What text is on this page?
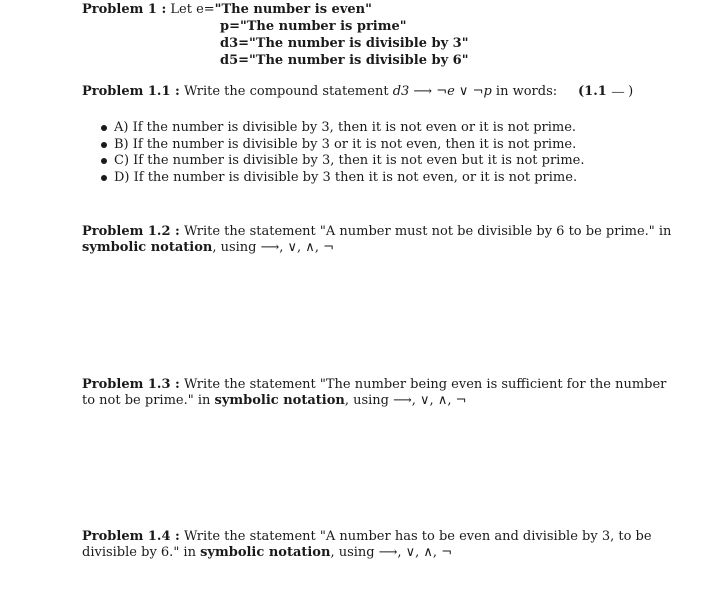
Problem 1 : Let e="The number is even"
p="The number is prime"
d3="The number is divisible by 3"
d5="The number is divisible by 6"
Problem 1.1 : Write the compound statement d3 ⟶ ¬e ∨ ¬p in words:	(1.1 ------ )
A) If the number is divisible by 3, then it is not even or it is not prime.
B) If the number is divisible by 3 or it is not even, then it is not prime.
C) If the number is divisible by 3, then it is not even but it is not prime.
D) If the number is divisible by 3 then it is not even, or it is not prime.
Problem 1.2 : Write the statement "A number must not be divisible by 6 to be prime." in
symbolic notation, using ⟶, ∨, ∧, ¬
Problem 1.3 : Write the statement "The number being even is sufficient for the number
to not be prime." in symbolic notation, using ⟶, ∨, ∧, ¬
Problem 1.4 : Write the statement "A number has to be even and divisible by 3, to be
divisible by 6." in symbolic notation, using ⟶, ∨, ∧, ¬
